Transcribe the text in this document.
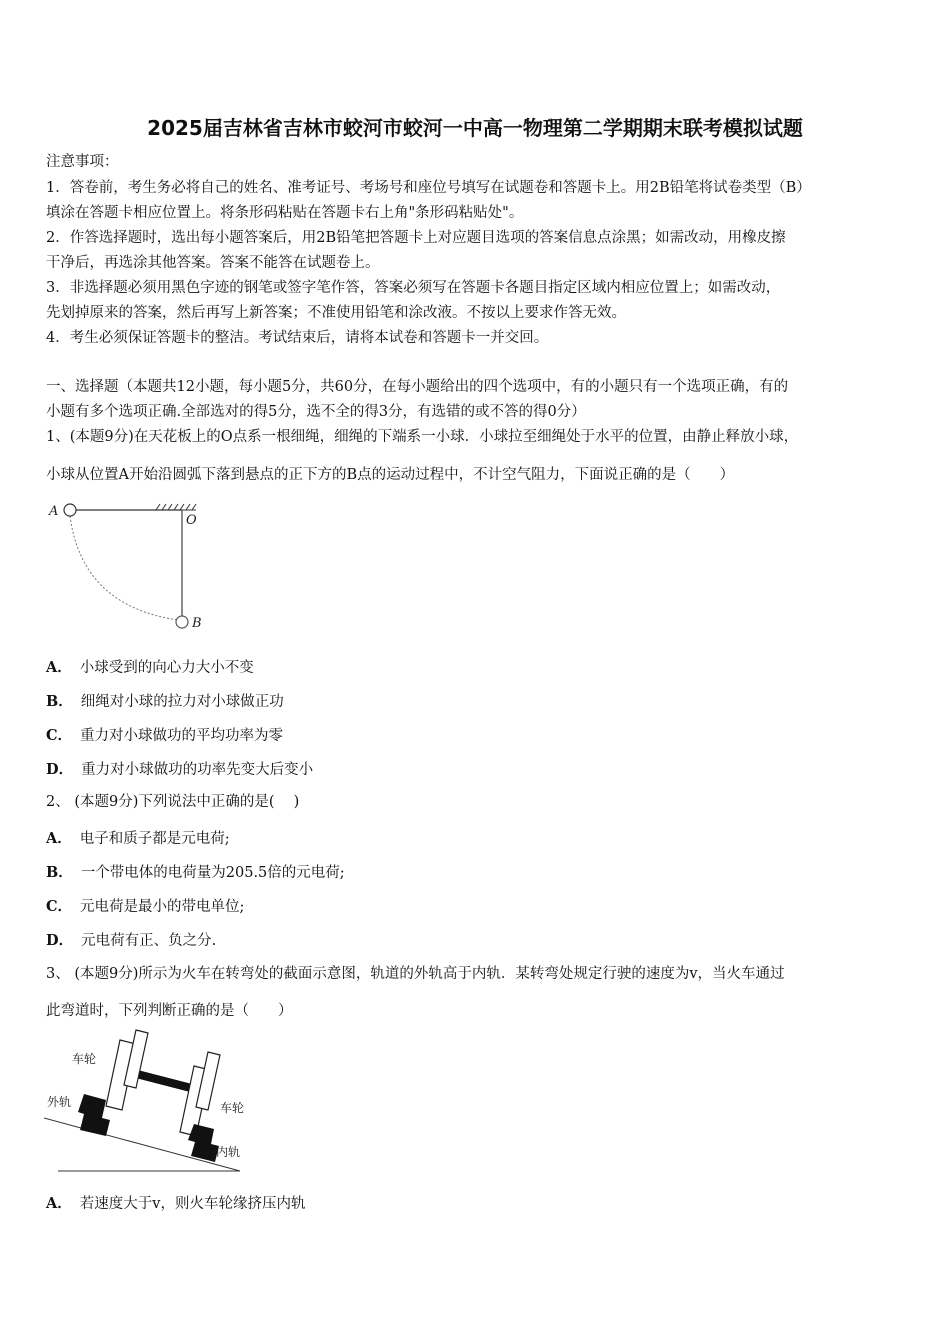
2025届吉林省吉林市蛟河市蛟河一中高一物理第二学期期末联考模拟试题
注意事项：
1．答卷前，考生务必将自己的姓名、准考证号、考场号和座位号填写在试题卷和答题卡上。用2B铅笔将试卷类型（B）
填涂在答题卡相应位置上。将条形码粘贴在答题卡右上角"条形码粘贴处"。
2．作答选择题时，选出每小题答案后，用2B铅笔把答题卡上对应题目选项的答案信息点涂黑；如需改动，用橡皮擦
干净后，再选涂其他答案。答案不能答在试题卷上。
3．非选择题必须用黑色字迹的钢笔或签字笔作答，答案必须写在答题卡各题目指定区域内相应位置上；如需改动，
先划掉原来的答案，然后再写上新答案；不准使用铅笔和涂改液。不按以上要求作答无效。
4．考生必须保证答题卡的整洁。考试结束后，请将本试卷和答题卡一并交回。
一、选择题（本题共12小题，每小题5分，共60分，在每小题给出的四个选项中，有的小题只有一个选项正确，有的
小题有多个选项正确.全部选对的得5分，选不全的得3分，有选错的或不答的得0分）
1、(本题9分)在天花板上的O点系一根细绳，细绳的下端系一小球．小球拉至细绳处于水平的位置，由静止释放小球，
小球从位置A开始沿圆弧下落到悬点的正下方的B点的运动过程中，不计空气阻力，下面说正确的是（　　）
A
O
B
A． 小球受到的向心力大小不变
B． 细绳对小球的拉力对小球做正功
C． 重力对小球做功的平均功率为零
D． 重力对小球做功的功率先变大后变小
2、 (本题9分)下列说法中正确的是(　 )
A． 电子和质子都是元电荷;
B． 一个带电体的电荷量为205.5倍的元电荷;
C． 元电荷是最小的带电单位;
D． 元电荷有正、负之分.
3、 (本题9分)所示为火车在转弯处的截面示意图，轨道的外轨高于内轨．某转弯处规定行驶的速度为v，当火车通过
此弯道时，下列判断正确的是（　　）
车轮
外轨	车轮
内轨
A． 若速度大于v，则火车轮缘挤压内轨
